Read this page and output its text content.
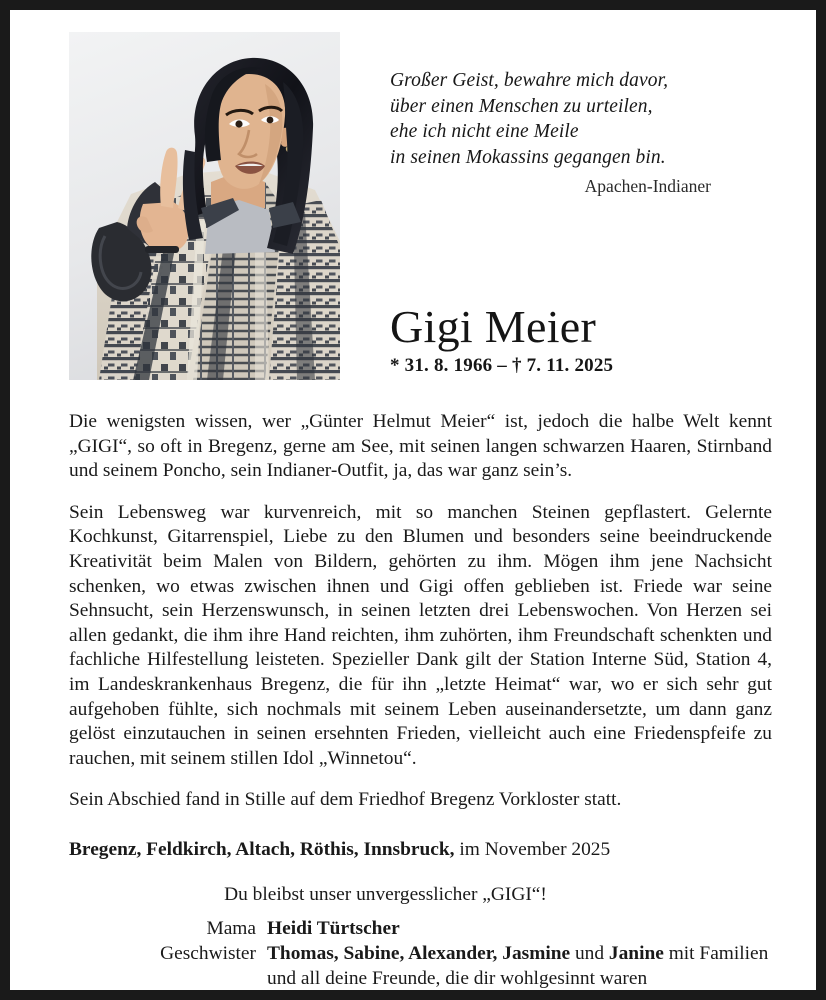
Großer Geist, bewahre mich davor,
über einen Menschen zu urteilen,
ehe ich nicht eine Meile
in seinen Mokassins gegangen bin.
Apachen-Indianer
Gigi Meier
* 31. 8. 1966 – † 7. 11. 2025

Die wenigsten wissen, wer „Günter Helmut Meier“ ist, jedoch die halbe Welt kennt „GIGI“, so oft in Bregenz, gerne am See, mit seinen langen schwarzen Haaren, Stirnband und seinem Poncho, sein Indianer-Outfit, ja, das war ganz sein’s.

Sein Lebensweg war kurvenreich, mit so manchen Steinen gepflastert. Gelernte Kochkunst, Gitarrenspiel, Liebe zu den Blumen und besonders seine beeindruckende Kreativität beim Malen von Bildern, gehörten zu ihm. Mögen ihm jene Nachsicht schenken, wo etwas zwischen ihnen und Gigi offen geblieben ist. Friede war seine Sehnsucht, sein Herzenswunsch, in seinen letzten drei Lebenswochen. Von Herzen sei allen gedankt, die ihm ihre Hand reichten, ihm zuhörten, ihm Freundschaft schenkten und fachliche Hilfestellung leisteten. Spezieller Dank gilt der Station Interne Süd, Station 4, im Landeskrankenhaus Bregenz, die für ihn „letzte Heimat“ war, wo er sich sehr gut aufgehoben fühlte, sich nochmals mit seinem Leben auseinandersetzte, um dann ganz gelöst einzutauchen in seinen ersehnten Frieden, vielleicht auch eine Friedenspfeife zu rauchen, mit seinem stillen Idol „Winnetou“.

Sein Abschied fand in Stille auf dem Friedhof Bregenz Vorkloster statt.

Bregenz, Feldkirch, Altach, Röthis, Innsbruck, im November 2025
Du bleibst unser unvergesslicher „GIGI“!
Mama Heidi Türtscher
Geschwister Thomas, Sabine, Alexander, Jasmine und Janine mit Familien
und all deine Freunde, die dir wohlgesinnt waren
